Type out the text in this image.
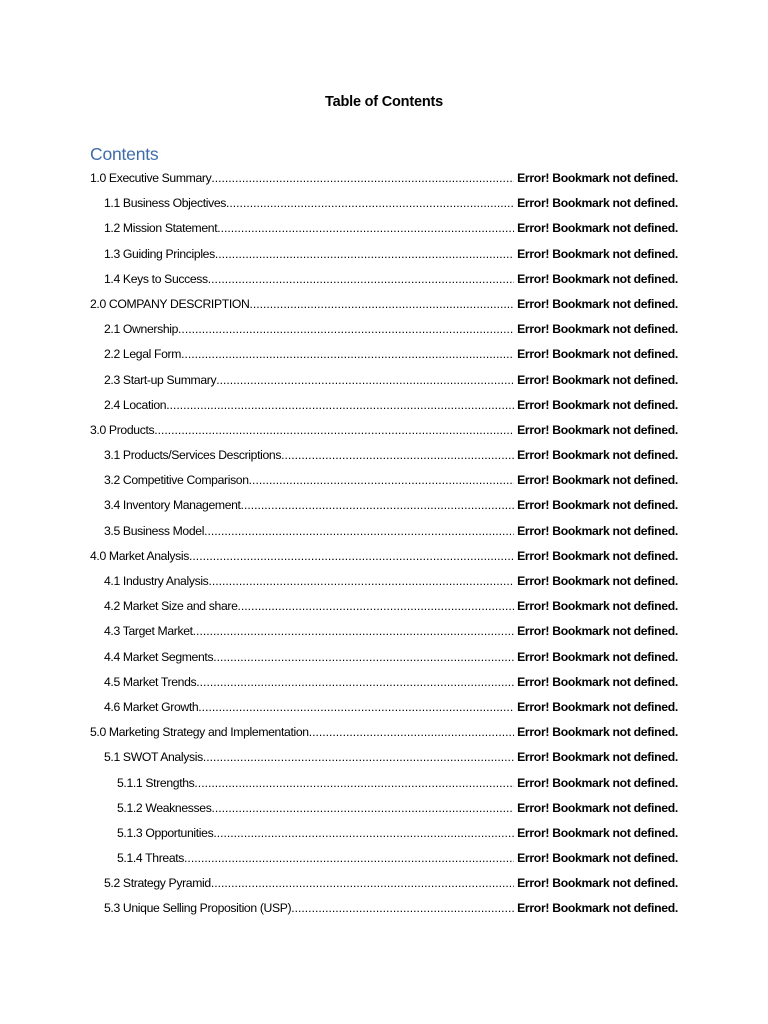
Table of Contents
Contents
1.0 Executive Summary .....	Error! Bookmark not defined.
1.1 Business Objectives .....	Error! Bookmark not defined.
1.2 Mission Statement .....	Error! Bookmark not defined.
1.3 Guiding Principles .....	Error! Bookmark not defined.
1.4 Keys to Success .....	Error! Bookmark not defined.
2.0 COMPANY DESCRIPTION .....	Error! Bookmark not defined.
2.1 Ownership .....	Error! Bookmark not defined.
2.2 Legal Form .....	Error! Bookmark not defined.
2.3 Start-up Summary .....	Error! Bookmark not defined.
2.4 Location .....	Error! Bookmark not defined.
3.0 Products .....	Error! Bookmark not defined.
3.1 Products/Services Descriptions .....	Error! Bookmark not defined.
3.2 Competitive Comparison .....	Error! Bookmark not defined.
3.4 Inventory Management .....	Error! Bookmark not defined.
3.5 Business Model .....	Error! Bookmark not defined.
4.0 Market Analysis .....	Error! Bookmark not defined.
4.1 Industry Analysis .....	Error! Bookmark not defined.
4.2 Market Size and share .....	Error! Bookmark not defined.
4.3 Target Market .....	Error! Bookmark not defined.
4.4 Market Segments .....	Error! Bookmark not defined.
4.5 Market Trends .....	Error! Bookmark not defined.
4.6 Market Growth .....	Error! Bookmark not defined.
5.0 Marketing Strategy and Implementation .....	Error! Bookmark not defined.
5.1 SWOT Analysis .....	Error! Bookmark not defined.
5.1.1 Strengths .....	Error! Bookmark not defined.
5.1.2 Weaknesses .....	Error! Bookmark not defined.
5.1.3 Opportunities .....	Error! Bookmark not defined.
5.1.4 Threats .....	Error! Bookmark not defined.
5.2 Strategy Pyramid .....	Error! Bookmark not defined.
5.3 Unique Selling Proposition (USP) .....	Error! Bookmark not defined.
